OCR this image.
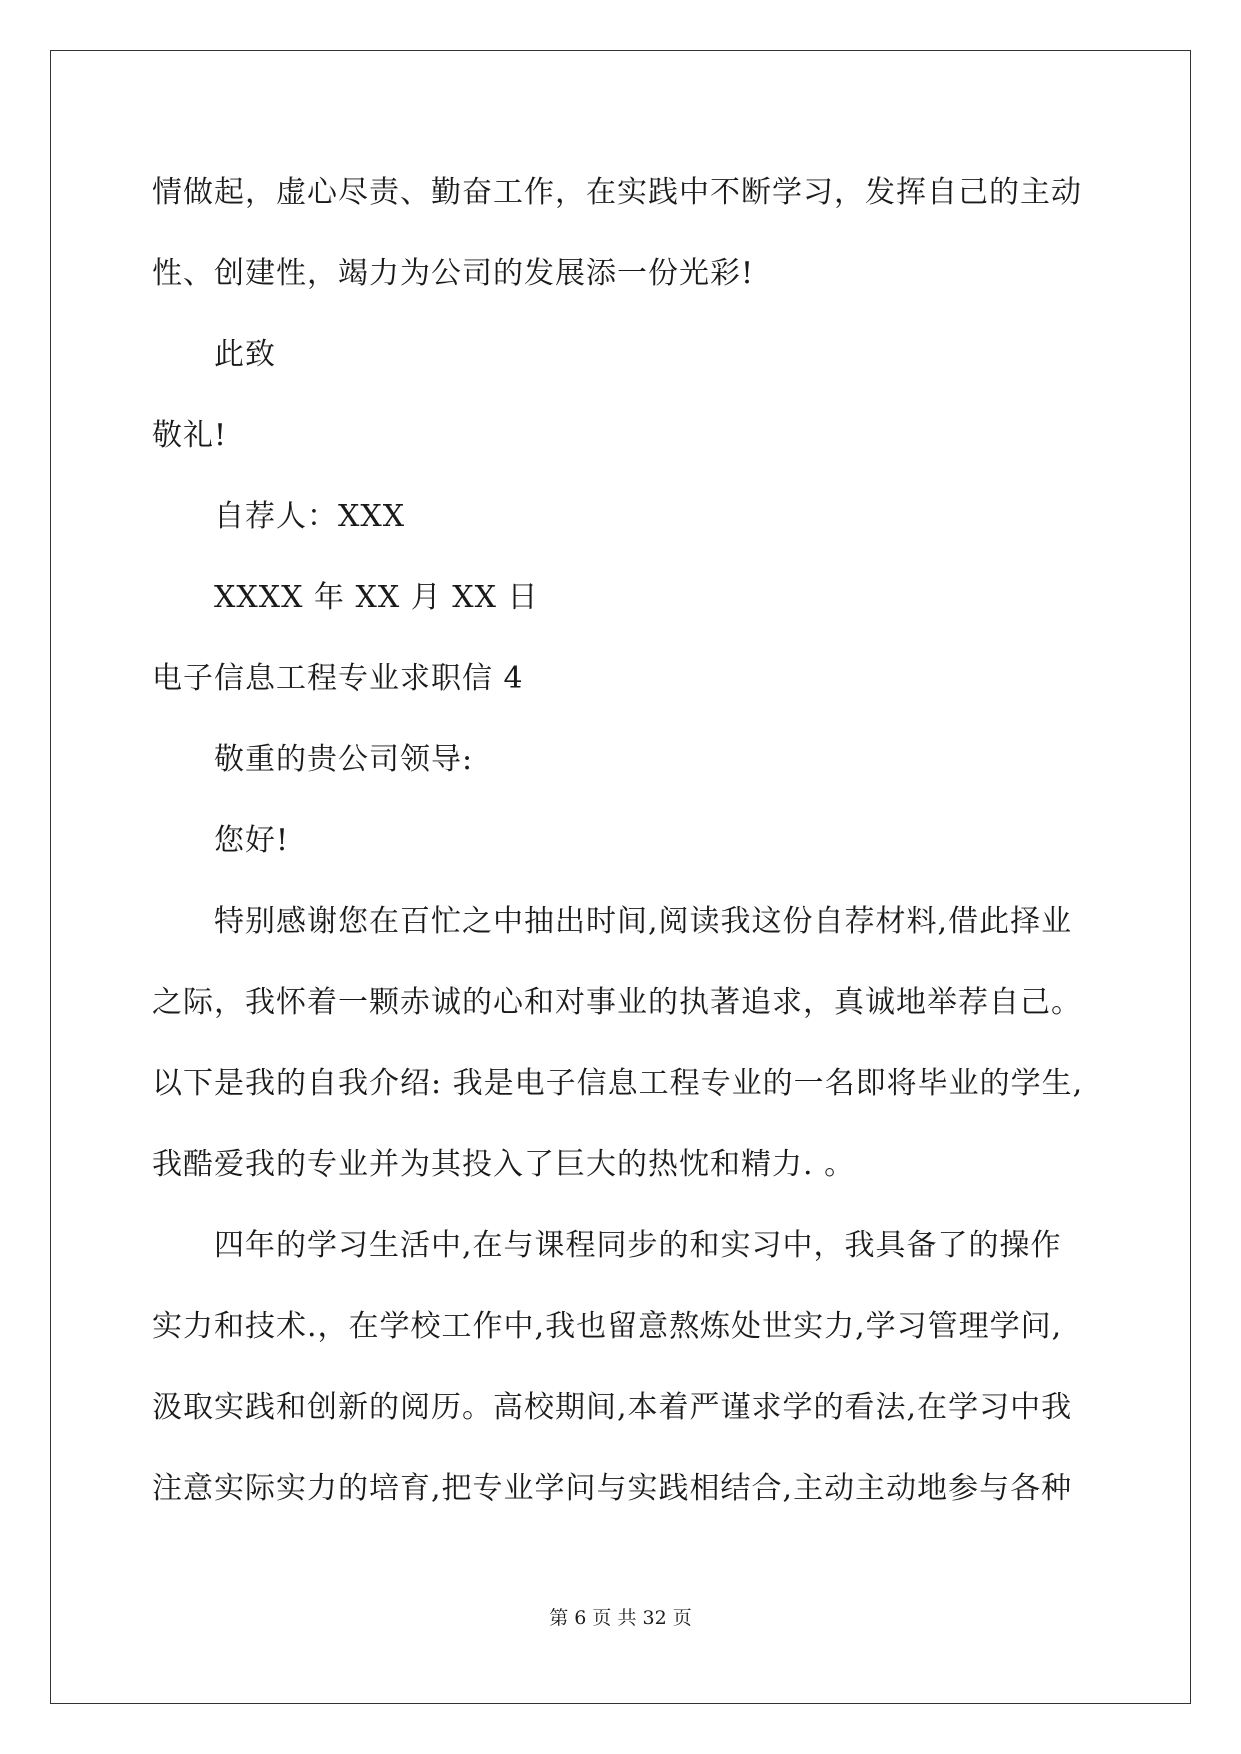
情做起，虚心尽责、勤奋工作，在实践中不断学习，发挥自己的主动
性、创建性，竭力为公司的发展添一份光彩!
此致
敬礼!
自荐人：XXX
XXXX 年 XX 月 XX 日
电子信息工程专业求职信 4
敬重的贵公司领导:
您好!
特别感谢您在百忙之中抽出时间,阅读我这份自荐材料,借此择业
之际，我怀着一颗赤诚的心和对事业的执著追求，真诚地举荐自己。
以下是我的自我介绍: 我是电子信息工程专业的一名即将毕业的学生,
我酷爱我的专业并为其投入了巨大的热忱和精力. 。
四年的学习生活中,在与课程同步的和实习中，我具备了的操作
实力和技术.，在学校工作中,我也留意熬炼处世实力,学习管理学问,
汲取实践和创新的阅历。高校期间,本着严谨求学的看法,在学习中我
注意实际实力的培育,把专业学问与实践相结合,主动主动地参与各种
第 6 页 共 32 页
